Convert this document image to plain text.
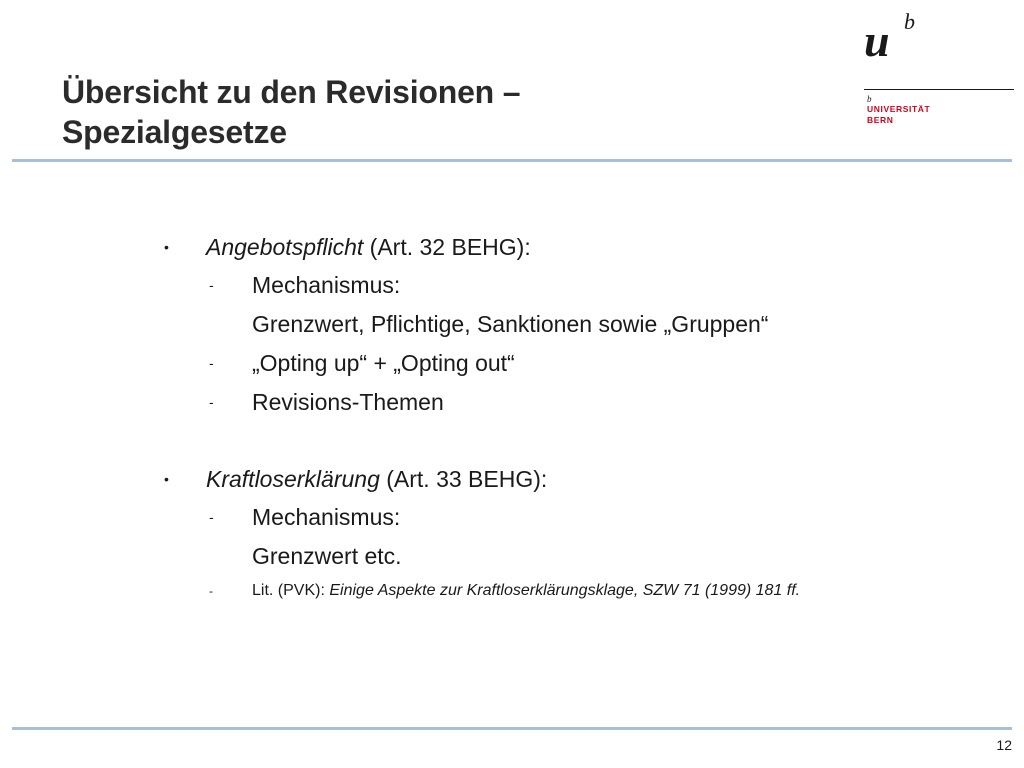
Übersicht zu den Revisionen –
Spezialgesetze
u b
b
UNIVERSITÄT
BERN
• Angebotspflicht (Art. 32 BEHG):
- Mechanismus:
Grenzwert, Pflichtige, Sanktionen sowie „Gruppen“
- „Opting up“ + „Opting out“
- Revisions-Themen
• Kraftloserklärung (Art. 33 BEHG):
- Mechanismus:
Grenzwert etc.
- Lit. (PVK): Einige Aspekte zur Kraftloserklärungsklage, SZW 71 (1999) 181 ff.
12
